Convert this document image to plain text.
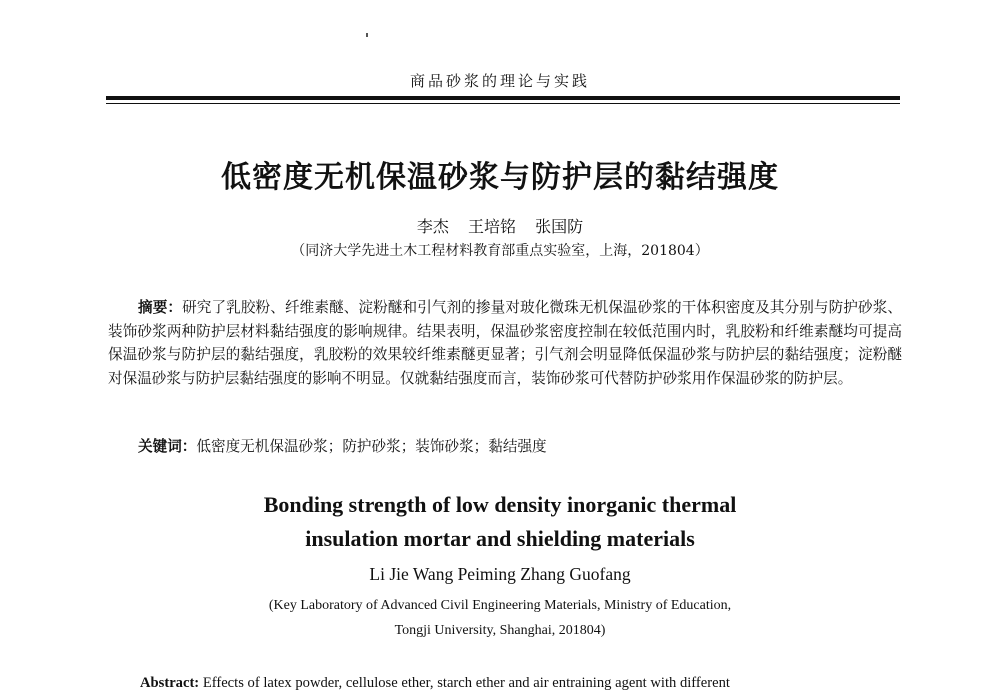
商品砂浆的理论与实践
低密度无机保温砂浆与防护层的黏结强度
李杰 王培铭 张国防
（同济大学先进土木工程材料教育部重点实验室，上海，201804）
摘要：研究了乳胶粉、纤维素醚、淀粉醚和引气剂的掺量对玻化微珠无机保温砂浆的干体积密度及其分别与防护砂浆、装饰砂浆两种防护层材料黏结强度的影响规律。结果表明，保温砂浆密度控制在较低范围内时，乳胶粉和纤维素醚均可提高保温砂浆与防护层的黏结强度，乳胶粉的效果较纤维素醚更显著；引气剂会明显降低保温砂浆与防护层的黏结强度；淀粉醚对保温砂浆与防护层黏结强度的影响不明显。仅就黏结强度而言，装饰砂浆可代替防护砂浆用作保温砂浆的防护层。
关键词：低密度无机保温砂浆；防护砂浆；装饰砂浆；黏结强度
Bonding strength of low density inorganic thermal
insulation mortar and shielding materials
Li Jie Wang Peiming Zhang Guofang
(Key Laboratory of Advanced Civil Engineering Materials, Ministry of Education,
Tongji University, Shanghai, 201804)
Abstract: Effects of latex powder, cellulose ether, starch ether and air entraining agent with different
